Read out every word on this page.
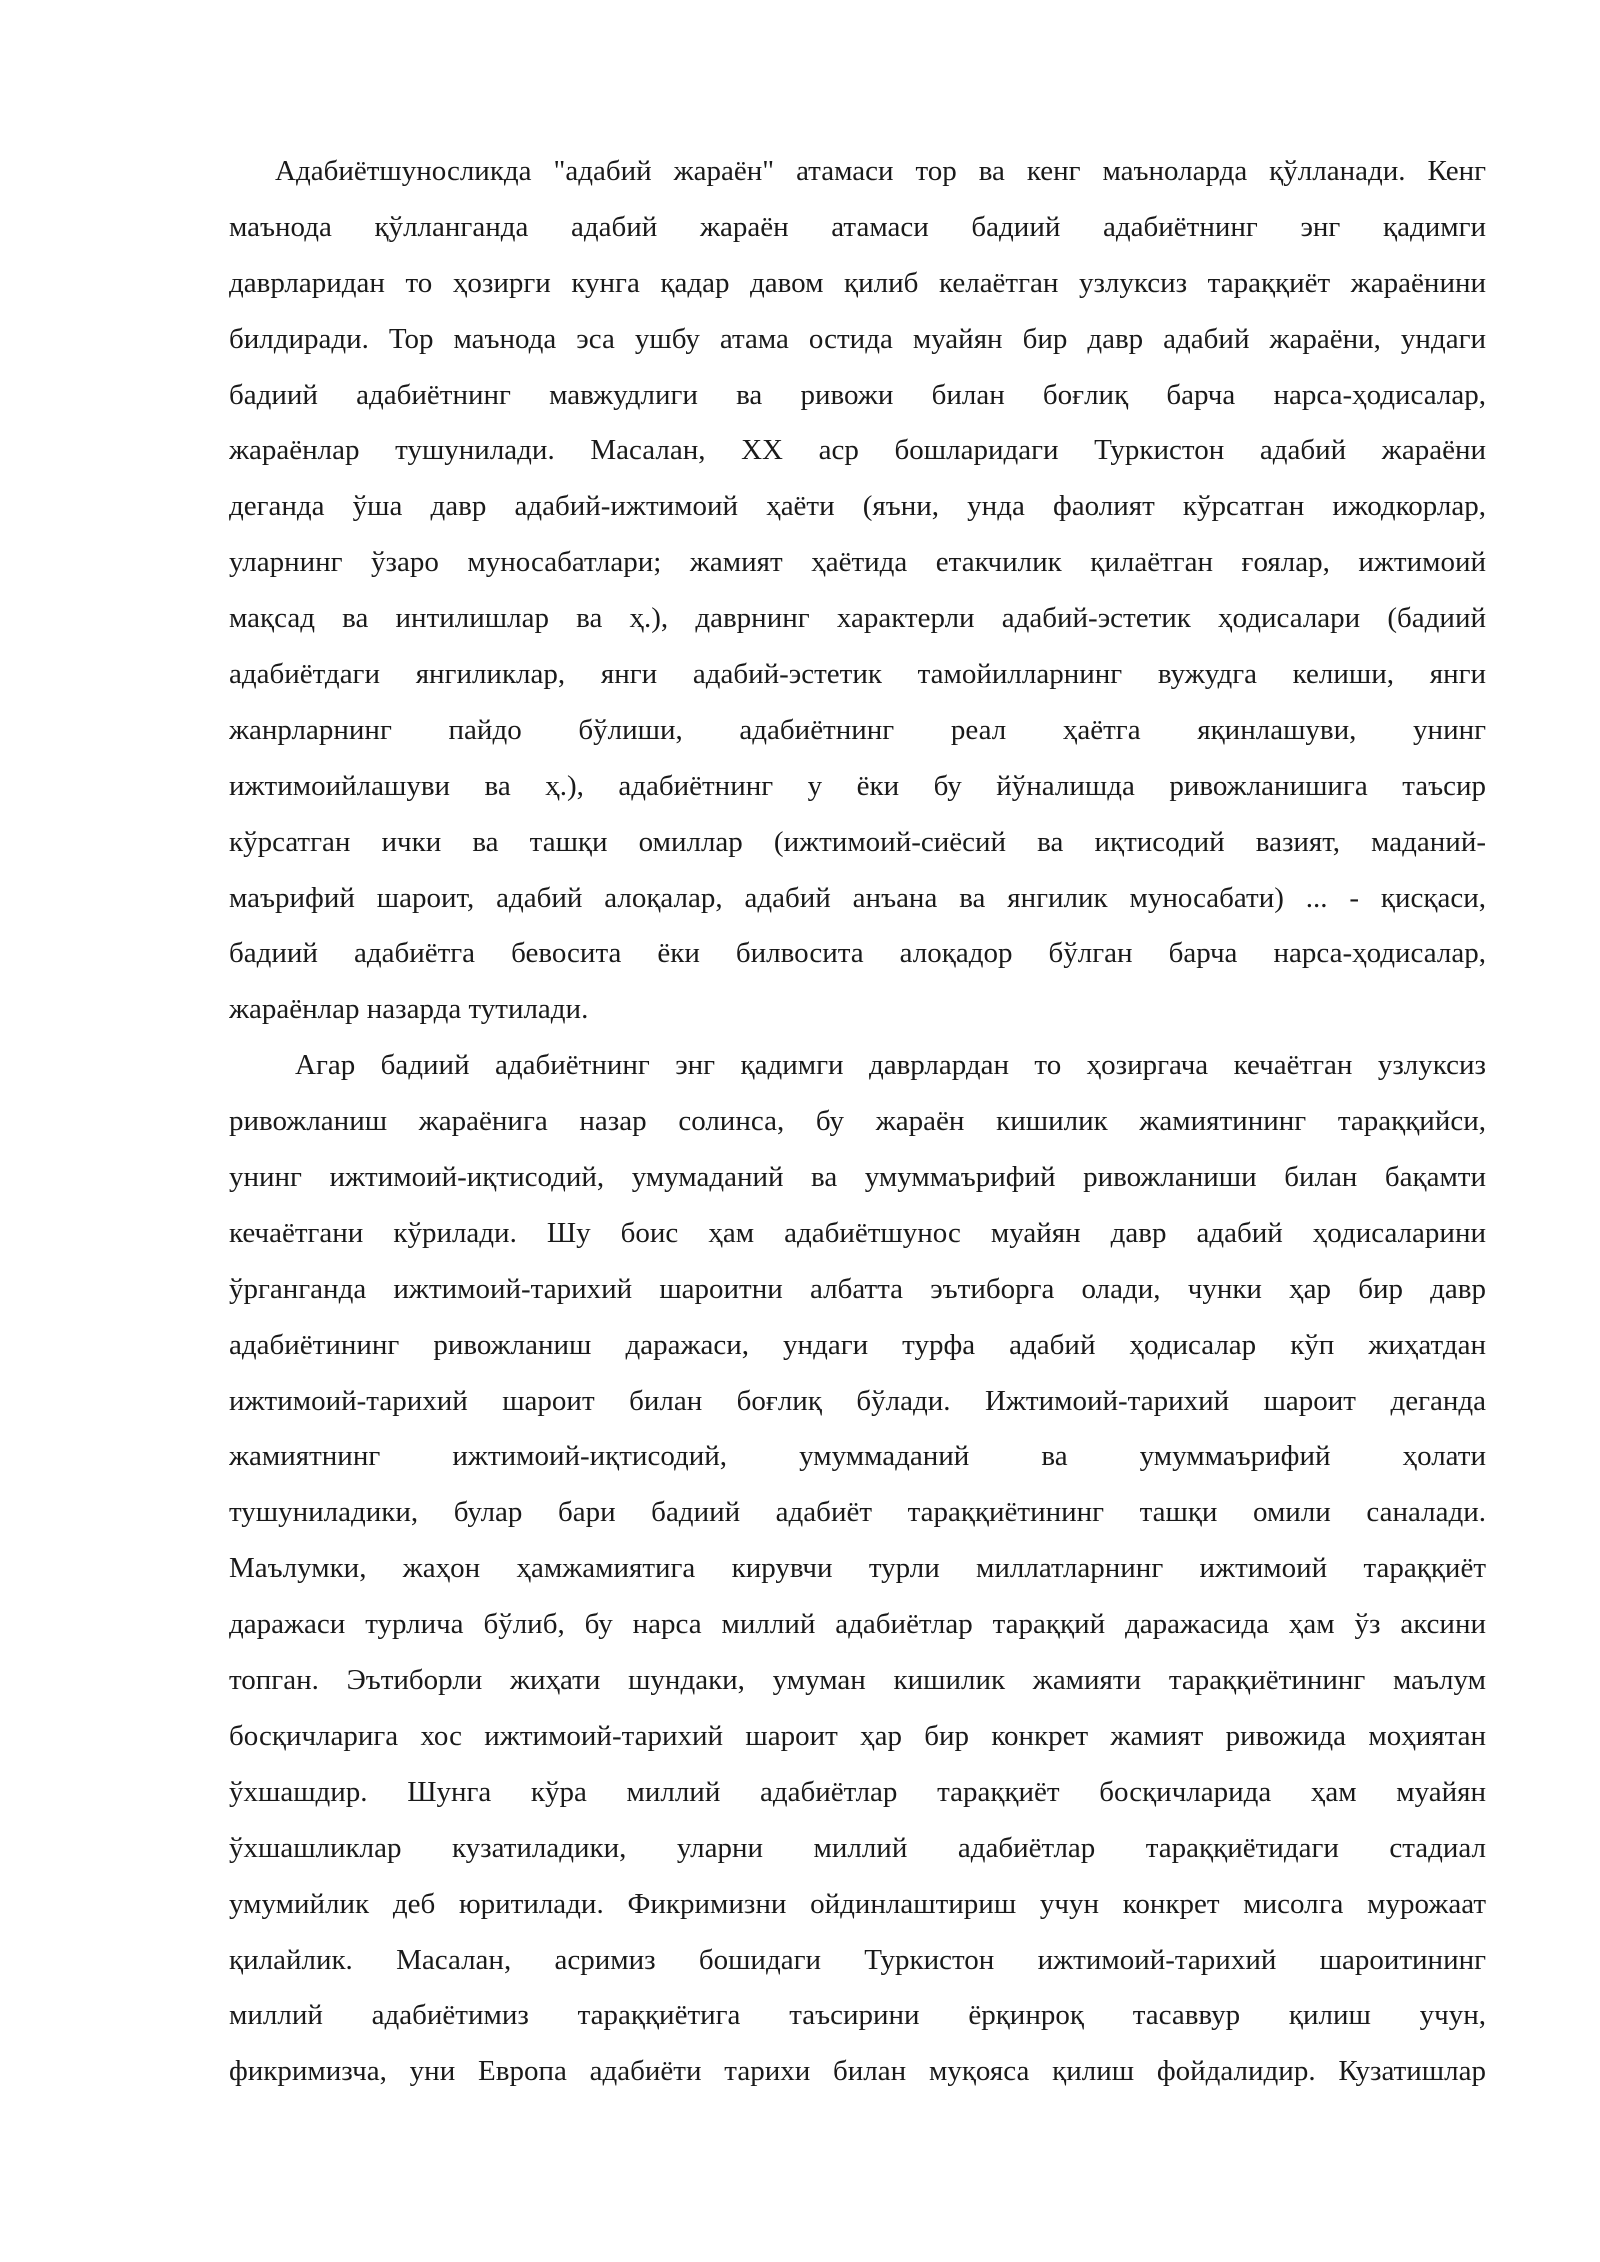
Адабиётшуносликда "адабий жараён" атамаси тор ва кенг маъноларда қўлланади. Кенг
маънода қўлланганда адабий жараён атамаси бадиий адабиётнинг энг қадимги
даврларидан то ҳозирги кунга қадар давом қилиб келаётган узлуксиз тараққиёт жараёнини
билдиради. Тор маънода эса ушбу атама остида муайян бир давр адабий жараёни, ундаги
бадиий адабиётнинг мавжудлиги ва ривожи билан боғлиқ барча нарса-ҳодисалар,
жараёнлар тушунилади. Масалан, XX аср бошларидаги Туркистон адабий жараёни
деганда ўша давр адабий-ижтимоий ҳаёти (яъни, унда фаолият кўрсатган ижодкорлар,
уларнинг ўзаро муносабатлари; жамият ҳаётида етакчилик қилаётган ғоялар, ижтимоий
мақсад ва интилишлар ва ҳ.), даврнинг характерли адабий-эстетик ҳодисалари (бадиий
адабиётдаги янгиликлар, янги адабий-эстетик тамойилларнинг вужудга келиши, янги
жанрларнинг пайдо бўлиши, адабиётнинг реал ҳаётга яқинлашуви, унинг
ижтимоийлашуви ва ҳ.), адабиётнинг у ёки бу йўналишда ривожланишига таъсир
кўрсатган ички ва ташқи омиллар (ижтимоий-сиёсий ва иқтисодий вазият, маданий-
маърифий шароит, адабий алоқалар, адабий анъана ва янгилик муносабати) ... - қисқаси,
бадиий адабиётга бевосита ёки билвосита алоқадор бўлган барча нарса-ҳодисалар,
жараёнлар назарда тутилади.
Агар бадиий адабиётнинг энг қадимги даврлардан то ҳозиргача кечаётган узлуксиз
ривожланиш жараёнига назар солинса, бу жараён кишилик жамиятининг тараққийси,
унинг ижтимоий-иқтисодий, умумаданий ва умуммаърифий ривожланиши билан бақамти
кечаётгани кўрилади. Шу боис ҳам адабиётшунос муайян давр адабий ҳодисаларини
ўрганганда ижтимоий-тарихий шароитни албатта эътиборга олади, чунки ҳар бир давр
адабиётининг ривожланиш даражаси, ундаги турфа адабий ҳодисалар кўп жиҳатдан
ижтимоий-тарихий шароит билан боғлиқ бўлади. Ижтимоий-тарихий шароит деганда
жамиятнинг ижтимоий-иқтисодий, умуммаданий ва умуммаърифий ҳолати
тушуниладики, булар бари бадиий адабиёт тараққиётининг ташқи омили саналади.
Маълумки, жаҳон ҳамжамиятига кирувчи турли миллатларнинг ижтимоий тараққиёт
даражаси турлича бўлиб, бу нарса миллий адабиётлар тараққий даражасида ҳам ўз аксини
топган. Эътиборли жиҳати шундаки, умуман кишилик жамияти тараққиётининг маълум
босқичларига хос ижтимоий-тарихий шароит ҳар бир конкрет жамият ривожида моҳиятан
ўхшашдир. Шунга кўра миллий адабиётлар тараққиёт босқичларида ҳам муайян
ўхшашликлар кузатиладики, уларни миллий адабиётлар тараққиётидаги стадиал
умумийлик деб юритилади. Фикримизни ойдинлаштириш учун конкрет мисолга мурожаат
қилайлик. Масалан, асримиз бошидаги Туркистон ижтимоий-тарихий шароитининг
миллий адабиётимиз тараққиётига таъсирини ёрқинроқ тасаввур қилиш учун,
фикримизча, уни Европа адабиёти тарихи билан муқояса қилиш фойдалидир. Кузатишлар
